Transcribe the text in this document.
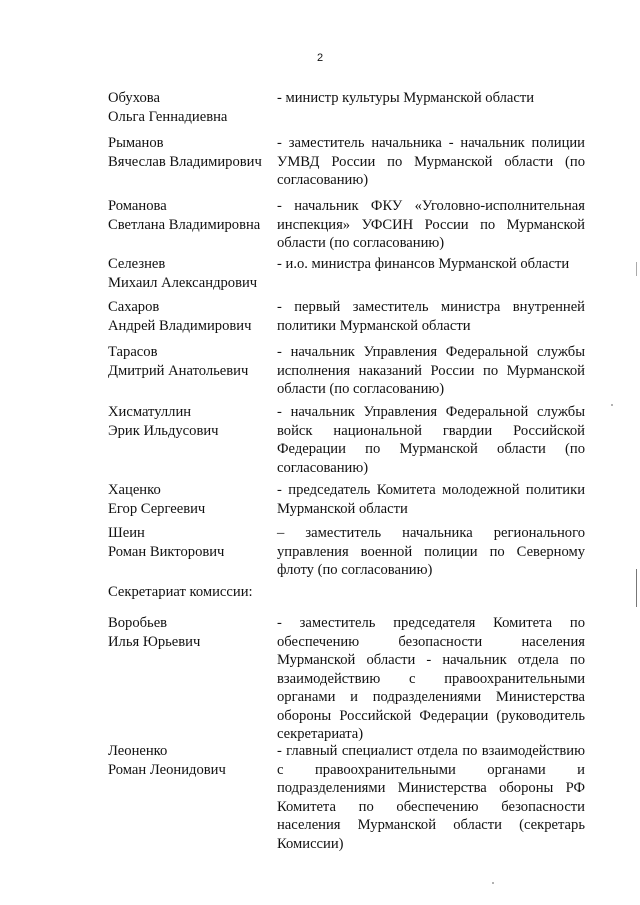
2
Обухова
Ольга Геннадиевна
- министр культуры Мурманской области
Рыманов
Вячеслав Владимирович
- заместитель начальника - начальник полиции УМВД России по Мурманской области (по согласованию)
Романова
Светлана Владимировна
- начальник ФКУ «Уголовно-исполнительная инспекция» УФСИН России по Мурманской области (по согласованию)
Селезнев
Михаил Александрович
- и.о. министра финансов Мурманской области
Сахаров
Андрей Владимирович
- первый заместитель министра внутренней политики Мурманской области
Тарасов
Дмитрий Анатольевич
- начальник Управления Федеральной службы исполнения наказаний России по Мурманской области (по согласованию)
Хисматуллин
Эрик Ильдусович
- начальник Управления Федеральной службы войск национальной гвардии Российской Федерации по Мурманской области (по согласованию)
Хаценко
Егор Сергеевич
- председатель Комитета молодежной политики Мурманской области
Шеин
Роман Викторович
– заместитель начальника регионального управления военной полиции по Северному флоту (по согласованию)
Секретариат комиссии:
Воробьев
Илья Юрьевич
- заместитель председателя Комитета по обеспечению безопасности населения Мурманской области - начальник отдела по взаимодействию с правоохранительными органами и подразделениями Министерства обороны Российской Федерации (руководитель секретариата)
Леоненко
Роман Леонидович
- главный специалист отдела по взаимодействию с правоохранительными органами и подразделениями Министерства обороны РФ Комитета по обеспечению безопасности населения Мурманской области (секретарь Комиссии)
